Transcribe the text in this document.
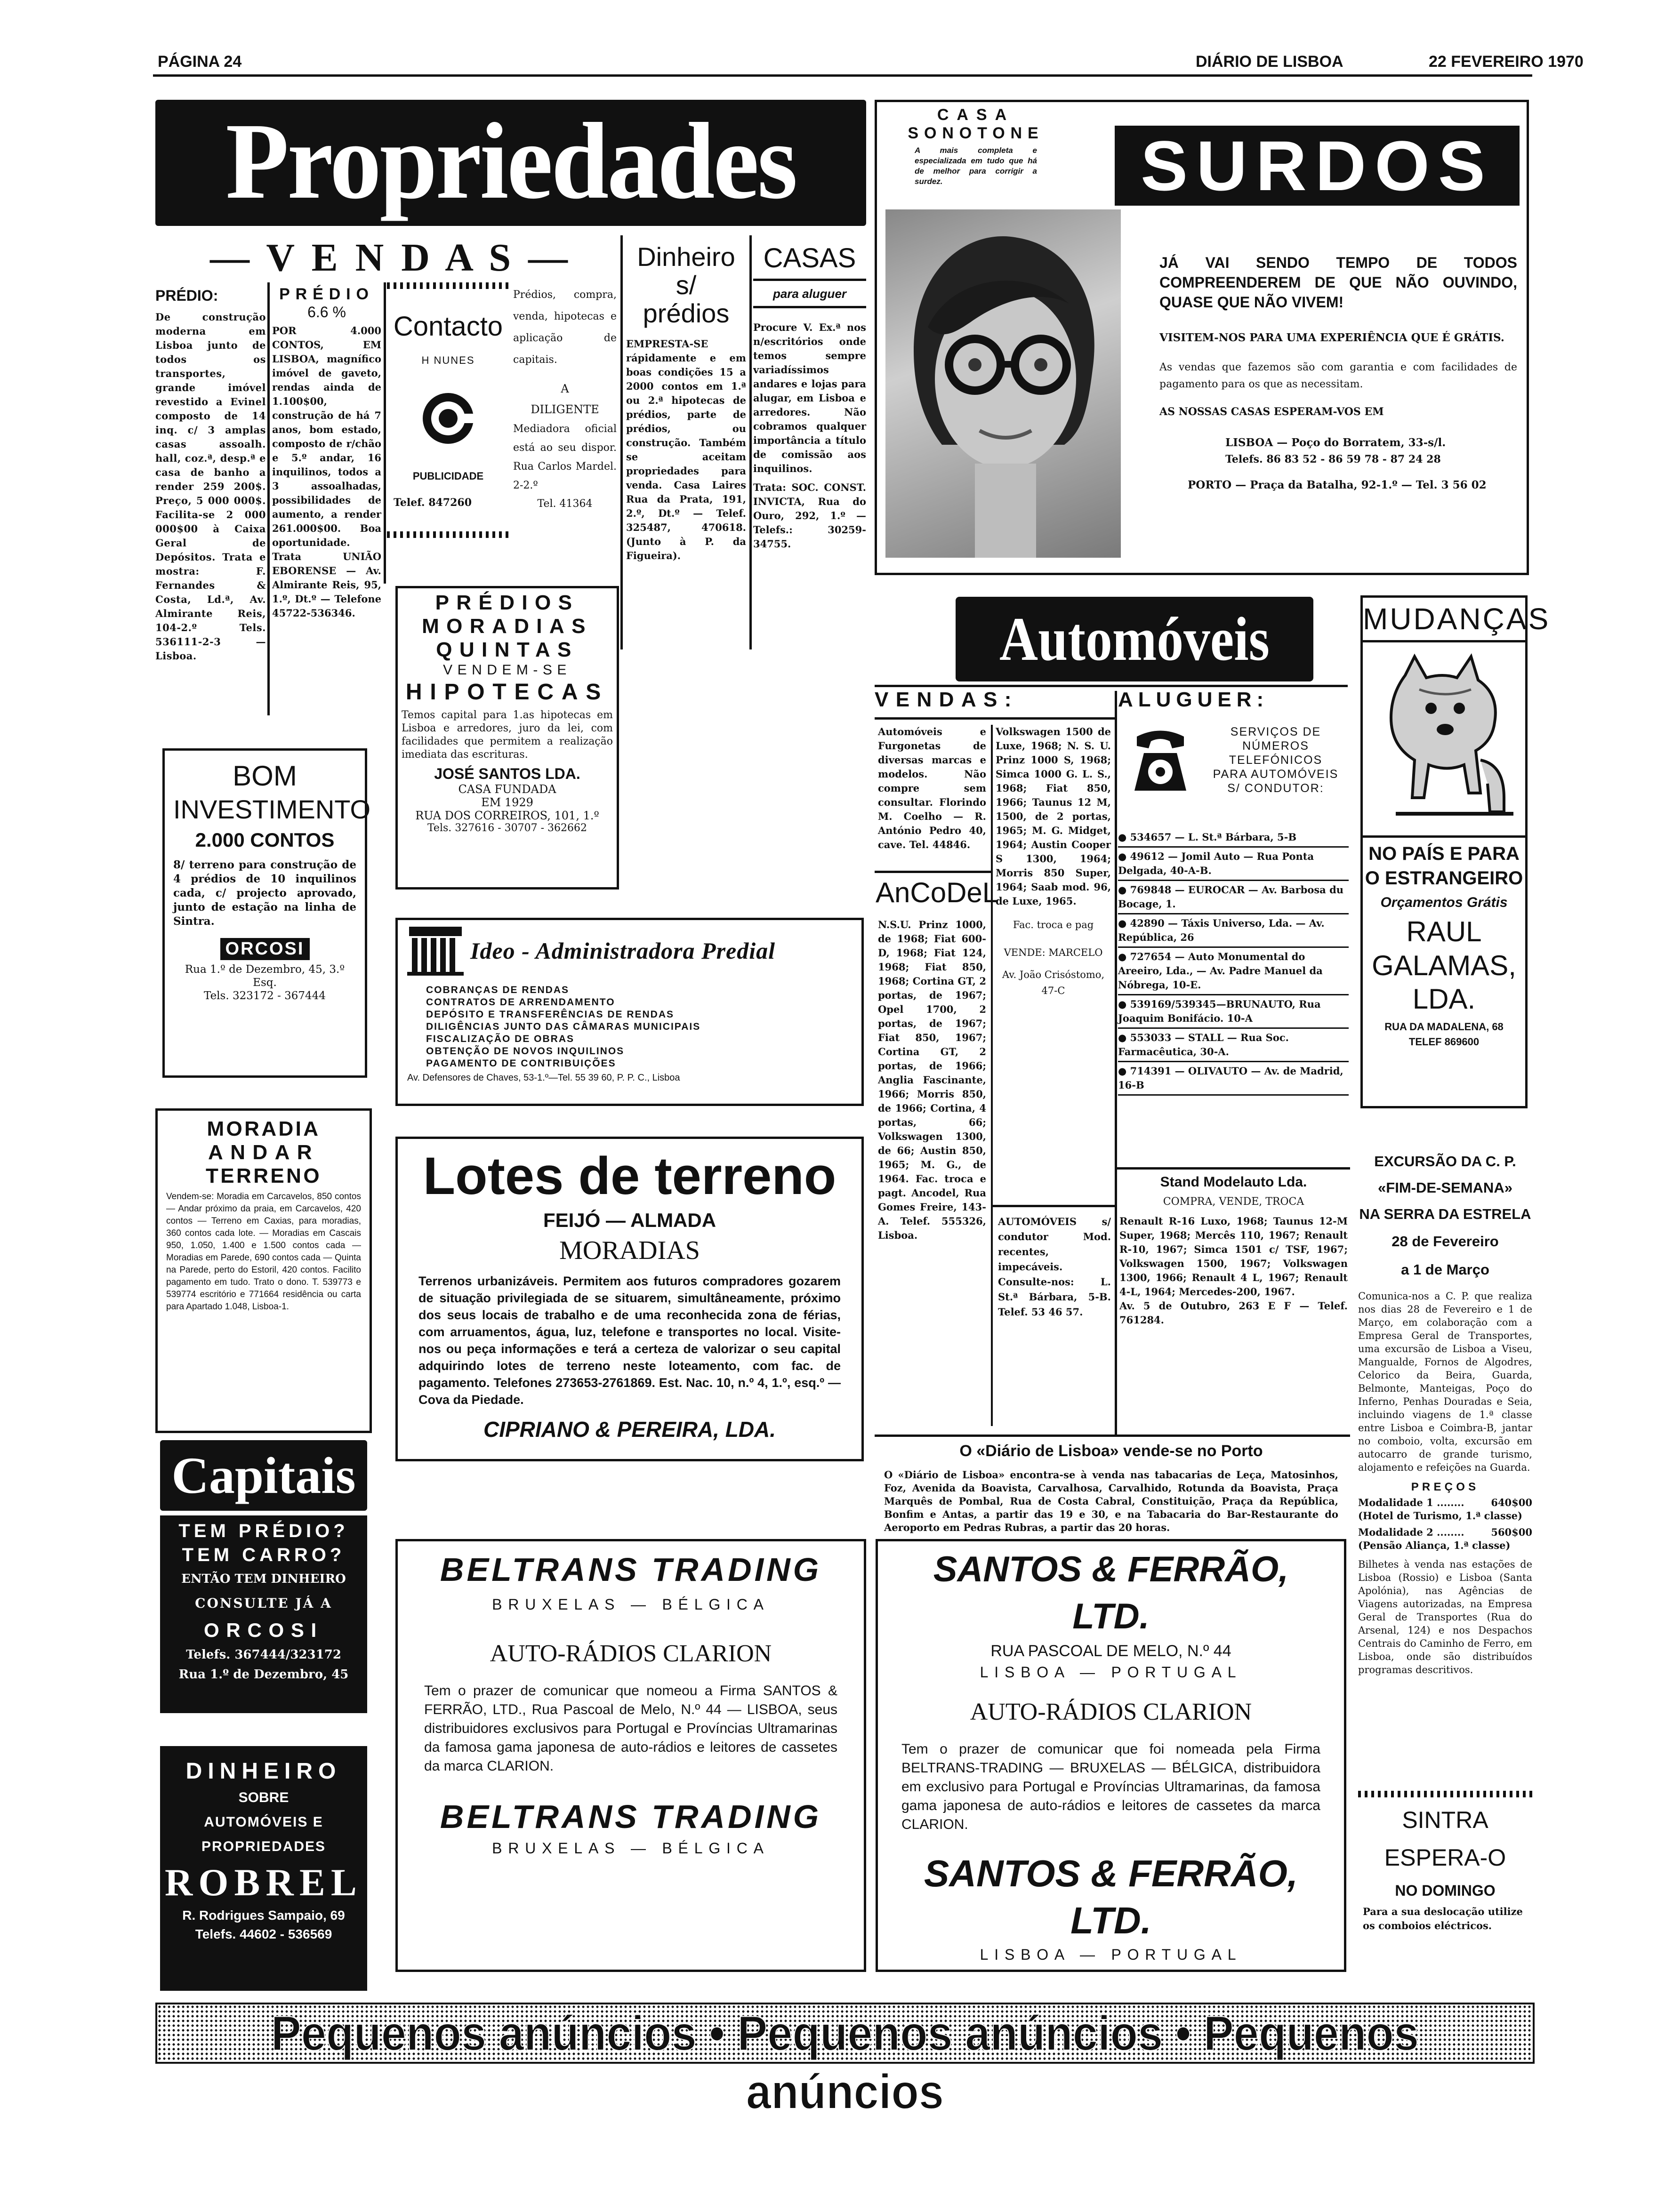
PÁGINA 24	DIÁRIO DE LISBOA	22 FEVEREIRO 1970
Propriedades
— V E N D A S —
PRÉDIO:
De construção moderna em Lisboa junto de todos os transportes, grande imóvel revestido a Evinel composto de 14 inq. c/ 3 amplas casas assoalh. hall, coz.ª, desp.ª e casa de banho a render 259 200$. Preço, 5 000 000$. Facilita-se 2 000 000$00 à Caixa Geral de Depósitos. Trata e mostra: F. Fernandes & Costa, Ld.ª, Av. Almirante Reis, 104-2.º Tels. 536111-2-3 — Lisboa.
PRÉDIO
6.6 %
POR 4.000 CONTOS, EM LISBOA, magnífico imóvel de gaveto, rendas ainda de 1.100$00, construção de há 7 anos, bom estado, composto de r/chão e 5.º andar, 16 inquilinos, todos a 3 assoalhadas, possibilidades de aumento, a render 261.000$00. Boa oportunidade. Trata UNIÃO EBORENSE — Av. Almirante Reis, 95, 1.º, Dt.º — Telefone 45722-536346.
Contacto
H NUNES
PUBLICIDADE
Telef. 847260
Prédios, compra, venda, hipotecas e aplicação de capitais.
A DILIGENTE
Mediadora oficial está ao seu dispor. Rua Carlos Mardel. 2-2.º
Tel. 41364
Dinheiro s/ prédios
EMPRESTA-SE rápidamente e em boas condições 15 a 2000 contos em 1.ª ou 2.ª hipotecas de prédios, parte de prédios, ou construção. Também se aceitam propriedades para venda. Casa Laires Rua da Prata, 191, 2.º, Dt.º — Telef. 325487, 470618. (Junto à P. da Figueira).
CASAS
para aluguer
Procure V. Ex.ª nos n/escritórios onde temos sempre variadíssimos andares e lojas para alugar, em Lisboa e arredores. Não cobramos qualquer importância a título de comissão aos inquilinos.
Trata: SOC. CONST. INVICTA, Rua do Ouro, 292, 1.º — Telefs.: 30259-34755.
PRÉDIOS
MORADIAS
QUINTAS
VENDEM-SE
HIPOTECAS
Temos capital para 1.as hipotecas em Lisboa e arredores, juro da lei, com facilidades que permitem a realização imediata das escrituras.
JOSÉ SANTOS LDA.
CASA FUNDADA
EM 1929
RUA DOS CORREIROS, 101, 1.º
Tels. 327616 - 30707 - 362662
BOM
INVESTIMENTO
2.000 CONTOS
8/ terreno para construção de 4 prédios de 10 inquilinos cada, c/ projecto aprovado, junto de estação na linha de Sintra.
ORCOSI
Rua 1.º de Dezembro, 45, 3.º Esq.
Tels. 323172 - 367444
MORADIA
ANDAR
TERRENO
Vendem-se: Moradia em Carcavelos, 850 contos — Andar próximo da praia, em Carcavelos, 420 contos — Terreno em Caxias, para moradias, 360 contos cada lote. — Moradias em Cascais 950, 1.050, 1.400 e 1.500 contos cada — Moradias em Parede, 690 contos cada — Quinta na Parede, perto do Estoril, 420 contos. Facilito pagamento em tudo. Trato o dono. T. 539773 e 539774 escritório e 771664 residência ou carta para Apartado 1.048, Lisboa-1.
Capitais
TEM PRÉDIO?
TEM CARRO?
ENTÃO TEM DINHEIRO
CONSULTE JÁ A
ORCOSI
Telefs. 367444/323172
Rua 1.º de Dezembro, 45
DINHEIRO
SOBRE
AUTOMÓVEIS E
PROPRIEDADES
ROBREL
R. Rodrigues Sampaio, 69
Telefs. 44602 - 536569
Ideo - Administradora Predial
COBRANÇAS DE RENDAS
CONTRATOS DE ARRENDAMENTO
DEPÓSITO E TRANSFERÊNCIAS DE RENDAS
DILIGÊNCIAS JUNTO DAS CÂMARAS MUNICIPAIS
FISCALIZAÇÃO DE OBRAS
OBTENÇÃO DE NOVOS INQUILINOS
PAGAMENTO DE CONTRIBUIÇÕES
Av. Defensores de Chaves, 53-1.º—Tel. 55 39 60, P. P. C., Lisboa
Lotes de terreno
FEIJÓ — ALMADA
MORADIAS
Terrenos urbanizáveis. Permitem aos futuros compradores gozarem de situação privilegiada de se situarem, simultâneamente, próximo dos seus locais de trabalho e de uma reconhecida zona de férias, com arruamentos, água, luz, telefone e transportes no local. Visite-nos ou peça informações e terá a certeza de valorizar o seu capital adquirindo lotes de terreno neste loteamento, com fac. de pagamento. Telefones 273653-2761869. Est. Nac. 10, n.º 4, 1.º, esq.º — Cova da Piedade.
CIPRIANO & PEREIRA, LDA.
CASA
SONOTONE
A mais completa e especializada em tudo que há de melhor para corrigir a surdez.	SURDOS
JÁ VAI SENDO TEMPO DE TODOS COMPREENDEREM DE QUE NÃO OUVINDO, QUASE QUE NÃO VIVEM!
VISITEM-NOS PARA UMA EXPERIÊNCIA QUE É GRÁTIS.
As vendas que fazemos são com garantia e com facilidades de pagamento para os que as necessitam.
AS NOSSAS CASAS ESPERAM-VOS EM
LISBOA — Poço do Borratem, 33-s/l.
Telefs. 86 83 52 - 86 59 78 - 87 24 28
PORTO — Praça da Batalha, 92-1.º — Tel. 3 56 02
Automóveis
VENDAS:	ALUGUER:
Automóveis e Furgonetas de diversas marcas e modelos. Não compre sem consultar. Florindo M. Coelho — R. António Pedro 40, cave. Tel. 44846.
Volkswagen 1500 de Luxe, 1968; N. S. U. Prinz 1000 S, 1968; Simca 1000 G. L. S., 1968; Fiat 850, 1966; Taunus 12 M, 1500, de 2 portas, 1965; M. G. Midget, 1964; Austin Cooper S 1300, 1964; Morris 850 Super, 1964; Saab mod. 96, de Luxe, 1965.
Fac. troca e pag
VENDE: MARCELO
Av. João Crisóstomo, 47-C
AnCoDeL
N.S.U. Prinz 1000, de 1968; Fiat 600-D, 1968; Fiat 124, 1968; Fiat 850, 1968; Cortina GT, 2 portas, de 1967; Opel 1700, 2 portas, de 1967; Fiat 850, 1967; Cortina GT, 2 portas, de 1966; Anglia Fascinante, 1966; Morris 850, de 1966; Cortina, 4 portas, 66; Volkswagen 1300, de 66; Austin 850, 1965; M. G., de 1964. Fac. troca e pagt. Ancodel, Rua Gomes Freire, 143-A. Telef. 555326, Lisboa.
AUTOMÓVEIS s/ condutor Mod. recentes, impecáveis. Consulte-nos: L. St.ª Bárbara, 5-B. Telef. 53 46 57.
SERVIÇOS DE NÚMEROS TELEFÓNICOS PARA AUTOMÓVEIS S/ CONDUTOR:
● 534657 — L. St.ª Bárbara, 5-B
● 49612 — Jomil Auto — Rua Ponta Delgada, 40-A-B.
● 769848 — EUROCAR — Av. Barbosa du Bocage, 1.
● 42890 — Táxis Universo, Lda. — Av. República, 26
● 727654 — Auto Monumental do Areeiro, Lda., — Av. Padre Manuel da Nóbrega, 10-E.
● 539169/539345—BRUNAUTO, Rua Joaquim Bonifácio. 10-A
● 553033 — STALL — Rua Soc. Farmacêutica, 30-A.
● 714391 — OLIVAUTO — Av. de Madrid, 16-B
Stand Modelauto Lda.
COMPRA, VENDE, TROCA
Renault R-16 Luxo, 1968; Taunus 12-M Super, 1968; Mercês 110, 1967; Renault R-10, 1967; Simca 1501 c/ TSF, 1967; Volkswagen 1500, 1967; Volkswagen 1300, 1966; Renault 4 L, 1967; Renault 4-L, 1964; Mercedes-200, 1967.
Av. 5 de Outubro, 263 E F — Telef. 761284.
O «Diário de Lisboa» vende-se no Porto
O «Diário de Lisboa» encontra-se à venda nas tabacarias de Leça, Matosinhos, Foz, Avenida da Boavista, Carvalhosa, Carvalhido, Rotunda da Boavista, Praça Marquês de Pombal, Rua de Costa Cabral, Constituição, Praça da República, Bonfim e Antas, a partir das 19 e 30, e na Tabacaria do Bar-Restaurante do Aeroporto em Pedras Rubras, a partir das 20 horas.
MUDANÇAS
NO PAÍS E PARA
O ESTRANGEIRO
Orçamentos Grátis
RAUL GALAMAS,
LDA.
RUA DA MADALENA, 68
TELEF 869600
EXCURSÃO DA C. P.
«FIM-DE-SEMANA»
NA SERRA DA ESTRELA
28 de Fevereiro
a 1 de Março
Comunica-nos a C. P. que realiza nos dias 28 de Fevereiro e 1 de Março, em colaboração com a Empresa Geral de Transportes, uma excursão de Lisboa a Viseu, Mangualde, Fornos de Algodres, Celorico da Beira, Guarda, Belmonte, Manteigas, Poço do Inferno, Penhas Douradas e Seia, incluindo viagens de 1.ª classe entre Lisboa e Coimbra-B, jantar no comboio, volta, excursão em autocarro de grande turismo, alojamento e refeições na Guarda.
PREÇOS
Modalidade 1 ........	640$00
(Hotel de Turismo, 1.ª classe)
Modalidade 2 ........	560$00
(Pensão Aliança, 1.ª classe)
Bilhetes à venda nas estações de Lisboa (Rossio) e Lisboa (Santa Apolónia), nas Agências de Viagens autorizadas, na Empresa Geral de Transportes (Rua do Arsenal, 124) e nos Despachos Centrais do Caminho de Ferro, em Lisboa, onde são distribuídos programas descritivos.
SINTRA ESPERA-O
NO DOMINGO
Para a sua deslocação utilize os comboios eléctricos.
BELTRANS TRADING
BRUXELAS — BÉLGICA
AUTO-RÁDIOS CLARION
Tem o prazer de comunicar que nomeou a Firma SANTOS & FERRÃO, LTD., Rua Pascoal de Melo, N.º 44 — LISBOA, seus distribuidores exclusivos para Portugal e Províncias Ultramarinas da famosa gama japonesa de auto-rádios e leitores de cassetes da marca CLARION.
BELTRANS TRADING
BRUXELAS — BÉLGICA
SANTOS & FERRÃO, LTD.
RUA PASCOAL DE MELO, N.º 44
LISBOA — PORTUGAL
AUTO-RÁDIOS CLARION
Tem o prazer de comunicar que foi nomeada pela Firma BELTRANS-TRADING — BRUXELAS — BÉLGICA, distribuidora em exclusivo para Portugal e Províncias Ultramarinas, da famosa gama japonesa de auto-rádios e leitores de cassetes da marca CLARION.
SANTOS & FERRÃO, LTD.
LISBOA — PORTUGAL
Pequenos anúncios • Pequenos anúncios • Pequenos anúncios
